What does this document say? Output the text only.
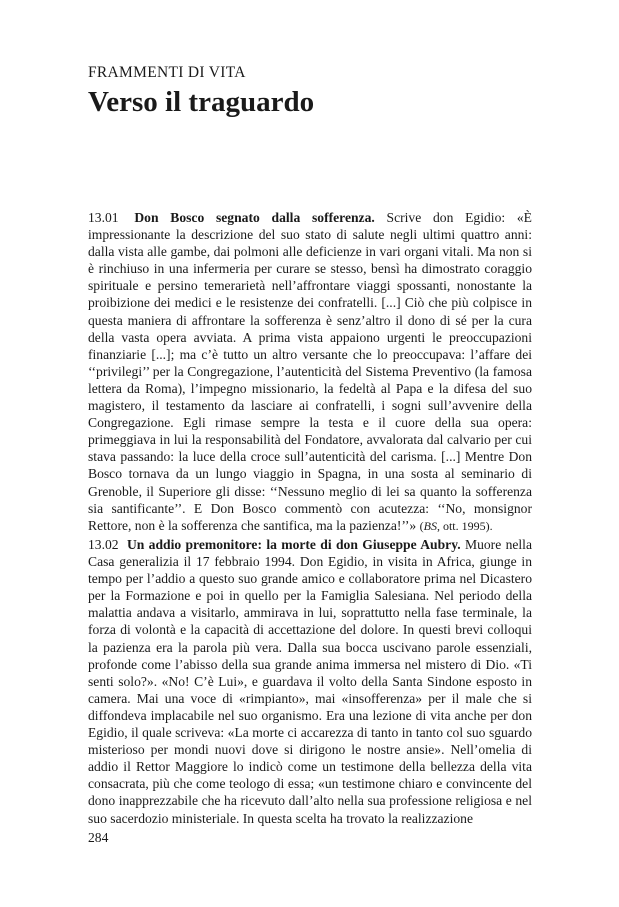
FRAMMENTI DI VITA
Verso il traguardo

13.01 Don Bosco segnato dalla sofferenza. Scrive don Egidio: «È impressionante la descrizione del suo stato di salute negli ultimi quattro anni: dalla vista alle gambe, dai polmoni alle deficienze in vari organi vitali. Ma non si è rinchiuso in una infermeria per curare se stesso, bensì ha dimostrato coraggio spirituale e persino temerarietà nell’affrontare viaggi spossanti, nonostante la proibizione dei medici e le resistenze dei confratelli. [...] Ciò che più colpisce in questa maniera di affrontare la sofferenza è senz’altro il dono di sé per la cura della vasta opera avviata. A prima vista appaiono urgenti le preoccupazioni finanziarie [...]; ma c’è tutto un altro versante che lo preoccupava: l’affare dei ‘‘privilegi’’ per la Congregazione, l’autenticità del Sistema Preventivo (la famosa lettera da Roma), l’impegno missionario, la fedeltà al Papa e la difesa del suo magistero, il testamento da lasciare ai confratelli, i sogni sull’avvenire della Congregazione. Egli rimase sempre la testa e il cuore della sua opera: primeggiava in lui la responsabilità del Fondatore, avvalorata dal calvario per cui stava passando: la luce della croce sull’autenticità del carisma. [...] Mentre Don Bosco tornava da un lungo viaggio in Spagna, in una sosta al seminario di Grenoble, il Superiore gli disse: ‘‘Nessuno meglio di lei sa quanto la sofferenza sia santificante’’. E Don Bosco commentò con acutezza: ‘‘No, monsignor Rettore, non è la sofferenza che santifica, ma la pazienza!’’» (BS, ott. 1995).

13.02 Un addio premonitore: la morte di don Giuseppe Aubry. Muore nella Casa generalizia il 17 febbraio 1994. Don Egidio, in visita in Africa, giunge in tempo per l’addio a questo suo grande amico e collaboratore prima nel Dicastero per la Formazione e poi in quello per la Famiglia Salesiana. Nel periodo della malattia andava a visitarlo, ammirava in lui, soprattutto nella fase terminale, la forza di volontà e la capacità di accettazione del dolore. In questi brevi colloqui la pazienza era la parola più vera. Dalla sua bocca uscivano parole essenziali, profonde come l’abisso della sua grande anima immersa nel mistero di Dio. «Ti senti solo?». «No! C’è Lui», e guardava il volto della Santa Sindone esposto in camera. Mai una voce di «rimpianto», mai «insofferenza» per il male che si diffondeva implacabile nel suo organismo. Era una lezione di vita anche per don Egidio, il quale scriveva: «La morte ci accarezza di tanto in tanto col suo sguardo misterioso per mondi nuovi dove si dirigono le nostre ansie». Nell’omelia di addio il Rettor Maggiore lo indicò come un testimone della bellezza della vita consacrata, più che come teologo di essa; «un testimone chiaro e convincente del dono inapprezzabile che ha ricevuto dall’alto nella sua professione religiosa e nel suo sacerdozio ministeriale. In questa scelta ha trovato la realizzazione

284
